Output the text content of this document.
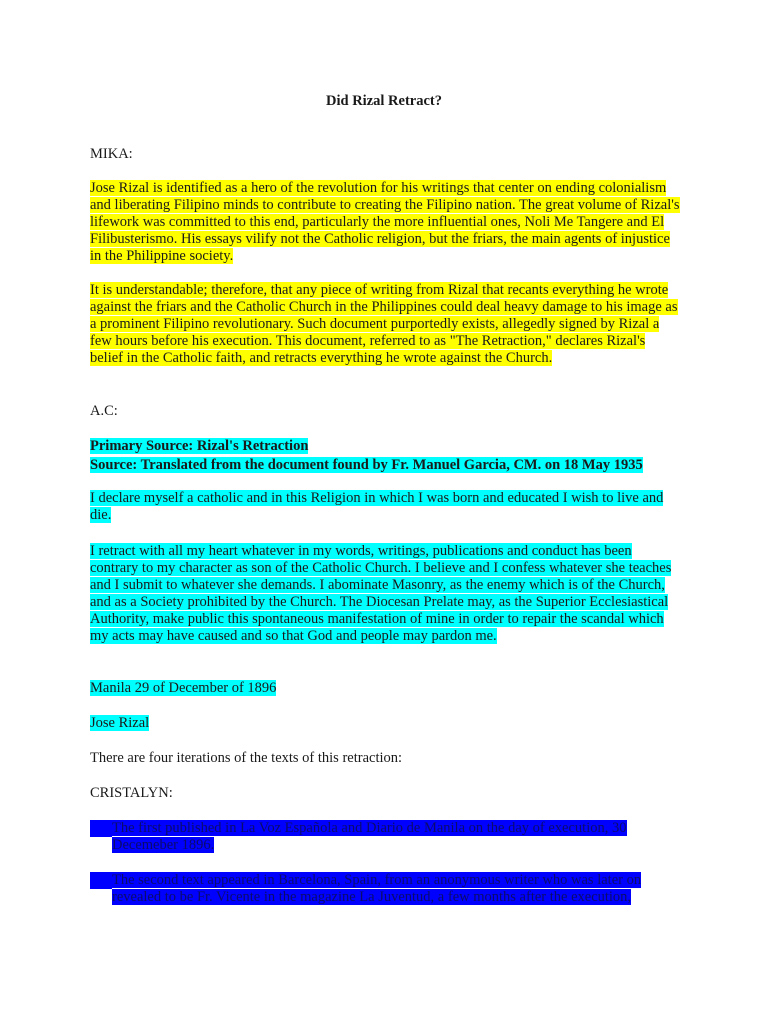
Did Rizal Retract?

MIKA:

Jose Rizal is identified as a hero of the revolution for his writings that center on ending colonialism and liberating Filipino minds to contribute to creating the Filipino nation. The great volume of Rizal's lifework was committed to this end, particularly the more influential ones, Noli Me Tangere and El Filibusterismo. His essays vilify not the Catholic religion, but the friars, the main agents of injustice in the Philippine society.

It is understandable; therefore, that any piece of writing from Rizal that recants everything he wrote against the friars and the Catholic Church in the Philippines could deal heavy damage to his image as a prominent Filipino revolutionary. Such document purportedly exists, allegedly signed by Rizal a few hours before his execution. This document, referred to as "The Retraction," declares Rizal's belief in the Catholic faith, and retracts everything he wrote against the Church.

A.C:

Primary Source: Rizal's Retraction

Source: Translated from the document found by Fr. Manuel Garcia, CM. on 18 May 1935

I declare myself a catholic and in this Religion in which I was born and educated I wish to live and die.

I retract with all my heart whatever in my words, writings, publications and conduct has been contrary to my character as son of the Catholic Church. I believe and I confess whatever she teaches and I submit to whatever she demands. I abominate Masonry, as the enemy which is of the Church, and as a Society prohibited by the Church. The Diocesan Prelate may, as the Superior Ecclesiastical Authority, make public this spontaneous manifestation of mine in order to repair the scandal which my acts may have caused and so that God and people may pardon me.

Manila 29 of December of 1896

Jose Rizal

There are four iterations of the texts of this retraction:

CRISTALYN:

The first published in La Voz Española and Diario de Manila on the day of execution, 30 Decemeber 1896.
The second text appeared in Barcelona, Spain, from an anonymous writer who was later on revealed to be Fr. Vicente in the magazine La Juventud, a few months after the execution,
